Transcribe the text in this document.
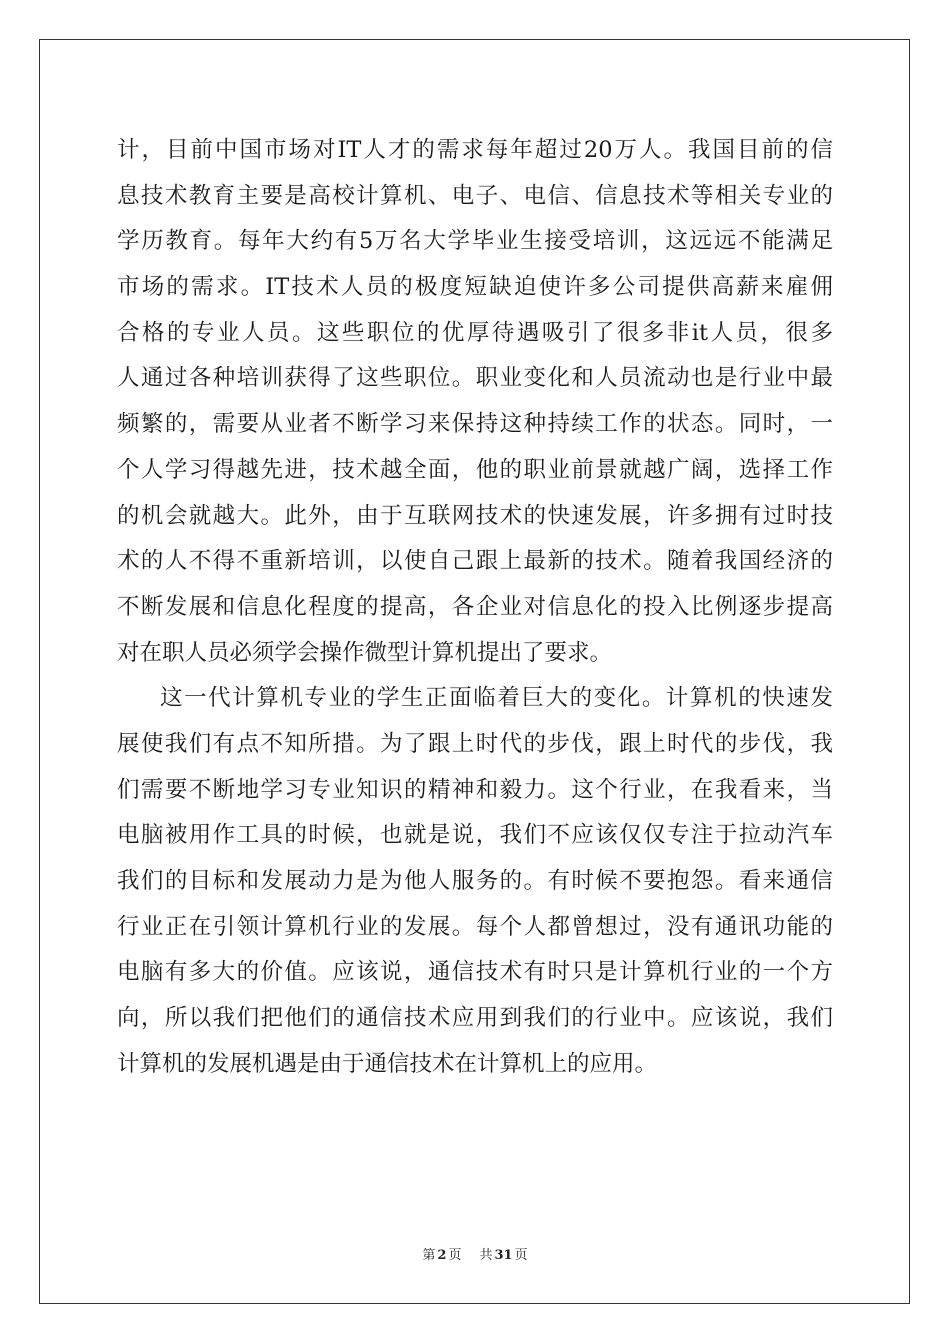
计，目前中国市场对IT人才的需求每年超过20万人。我国目前的信
息技术教育主要是高校计算机、电子、电信、信息技术等相关专业的
学历教育。每年大约有5万名大学毕业生接受培训，这远远不能满足
市场的需求。IT技术人员的极度短缺迫使许多公司提供高薪来雇佣
合格的专业人员。这些职位的优厚待遇吸引了很多非it人员，很多
人通过各种培训获得了这些职位。职业变化和人员流动也是行业中最
频繁的，需要从业者不断学习来保持这种持续工作的状态。同时，一
个人学习得越先进，技术越全面，他的职业前景就越广阔，选择工作
的机会就越大。此外，由于互联网技术的快速发展，许多拥有过时技
术的人不得不重新培训，以使自己跟上最新的技术。随着我国经济的
不断发展和信息化程度的提高，各企业对信息化的投入比例逐步提高
对在职人员必须学会操作微型计算机提出了要求。
这一代计算机专业的学生正面临着巨大的变化。计算机的快速发
展使我们有点不知所措。为了跟上时代的步伐，跟上时代的步伐，我
们需要不断地学习专业知识的精神和毅力。这个行业，在我看来，当
电脑被用作工具的时候，也就是说，我们不应该仅仅专注于拉动汽车
我们的目标和发展动力是为他人服务的。有时候不要抱怨。看来通信
行业正在引领计算机行业的发展。每个人都曾想过，没有通讯功能的
电脑有多大的价值。应该说，通信技术有时只是计算机行业的一个方
向，所以我们把他们的通信技术应用到我们的行业中。应该说，我们
计算机的发展机遇是由于通信技术在计算机上的应用。
第 2 页 共 31 页
